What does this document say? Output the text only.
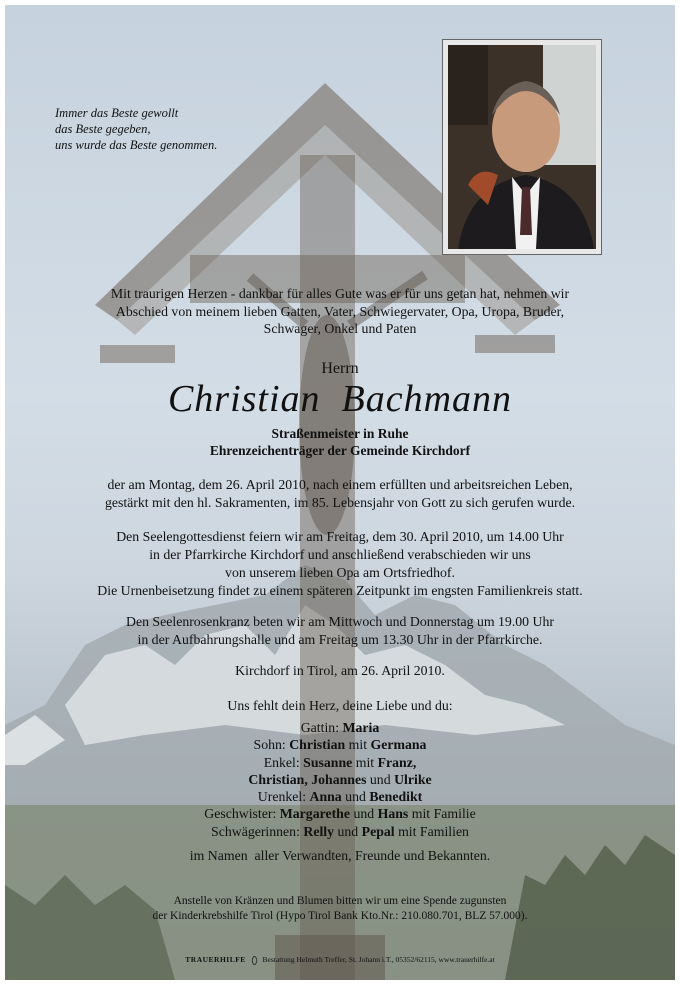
Immer das Beste gewollt
das Beste gegeben,
uns wurde das Beste genommen.
Mit traurigen Herzen - dankbar für alles Gute was er für uns getan hat, nehmen wir
Abschied von meinem lieben Gatten, Vater, Schwiegervater, Opa, Uropa, Bruder,
Schwager, Onkel und Paten
Herrn
Christian  Bachmann
Straßenmeister in Ruhe
Ehrenzeichenträger der Gemeinde Kirchdorf
der am Montag, dem 26. April 2010, nach einem erfüllten und arbeitsreichen Leben,
gestärkt mit den hl. Sakramenten, im 85. Lebensjahr von Gott zu sich gerufen wurde.
Den Seelengottesdienst feiern wir am Freitag, dem 30. April 2010, um 14.00 Uhr
in der Pfarrkirche Kirchdorf und anschließend verabschieden wir uns
von unserem lieben Opa am Ortsfriedhof.
Die Urnenbeisetzung findet zu einem späteren Zeitpunkt im engsten Familienkreis statt.
Den Seelenrosenkranz beten wir am Mittwoch und Donnerstag um 19.00 Uhr
in der Aufbahrungshalle und am Freitag um 13.30 Uhr in der Pfarrkirche.
Kirchdorf in Tirol, am 26. April 2010.
Uns fehlt dein Herz, deine Liebe und du:
Gattin: Maria
Sohn: Christian mit Germana
Enkel: Susanne mit Franz,
Christian, Johannes und Ulrike
Urenkel: Anna und Benedikt
Geschwister: Margarethe und Hans mit Familie
Schwägerinnen: Relly und Pepal mit Familien
im Namen  aller Verwandten, Freunde und Bekannten.
Anstelle von Kränzen und Blumen bitten wir um eine Spende zugunsten
der Kinderkrebshilfe Tirol (Hypo Tirol Bank Kto.Nr.: 210.080.701, BLZ 57.000).
TRAUERHILFE Bestattung Helmuth Treffer, St. Johann i.T., 05352/62115, www.trauerhilfe.at
